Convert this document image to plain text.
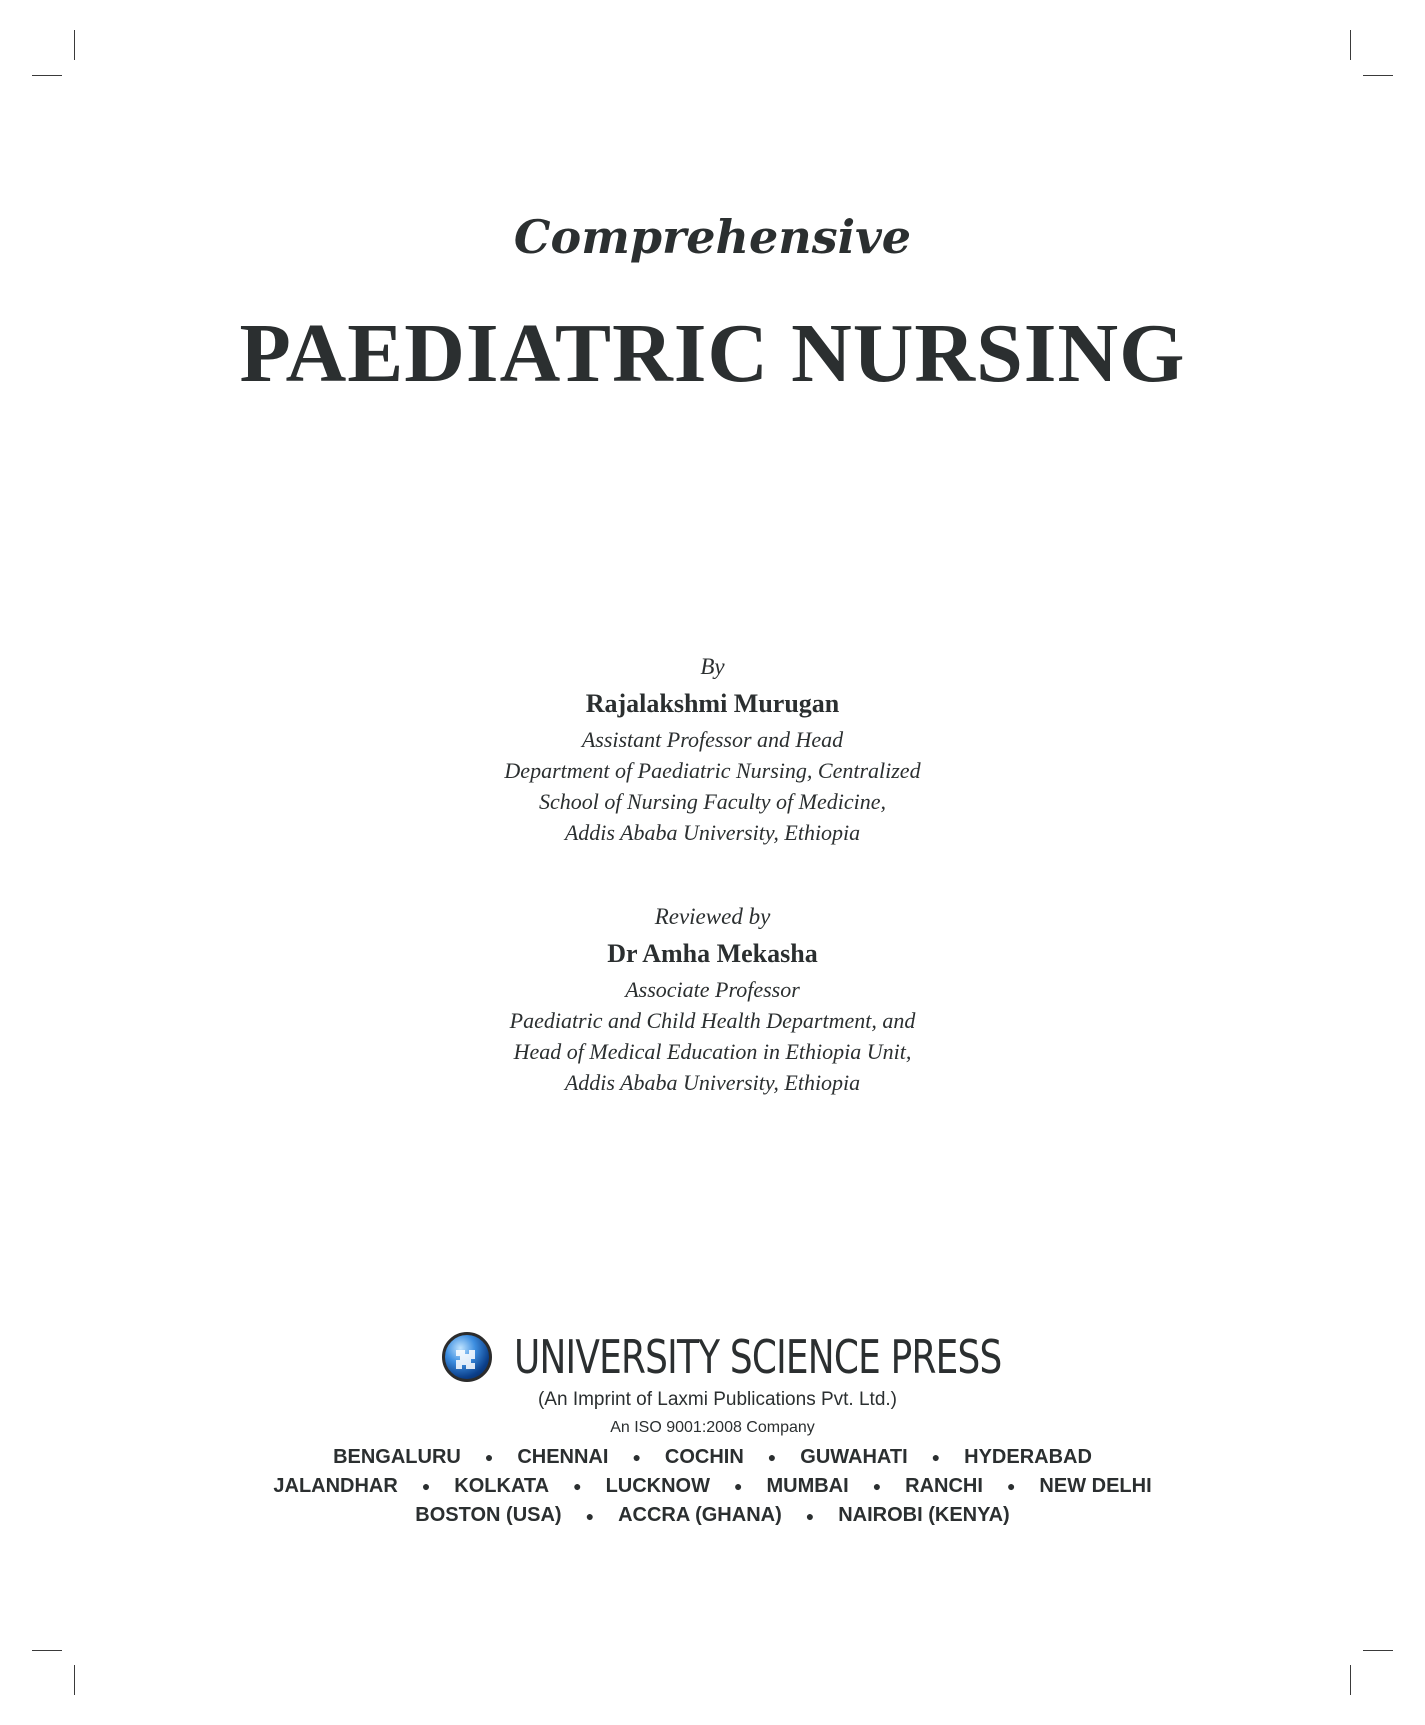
Comprehensive
PAEDIATRIC NURSING
By
Rajalakshmi Murugan
Assistant Professor and Head
Department of Paediatric Nursing, Centralized
School of Nursing Faculty of Medicine,
Addis Ababa University, Ethiopia
Reviewed by
Dr Amha Mekasha
Associate Professor
Paediatric and Child Health Department, and
Head of Medical Education in Ethiopia Unit,
Addis Ababa University, Ethiopia
UNIVERSITY SCIENCE PRESS
(An Imprint of Laxmi Publications Pvt. Ltd.)
An ISO 9001:2008 Company
BENGALURU ● CHENNAI ● COCHIN ● GUWAHATI ● HYDERABAD
JALANDHAR ● KOLKATA ● LUCKNOW ● MUMBAI ● RANCHI ● NEW DELHI
BOSTON (USA) ● ACCRA (GHANA) ● NAIROBI (KENYA)
